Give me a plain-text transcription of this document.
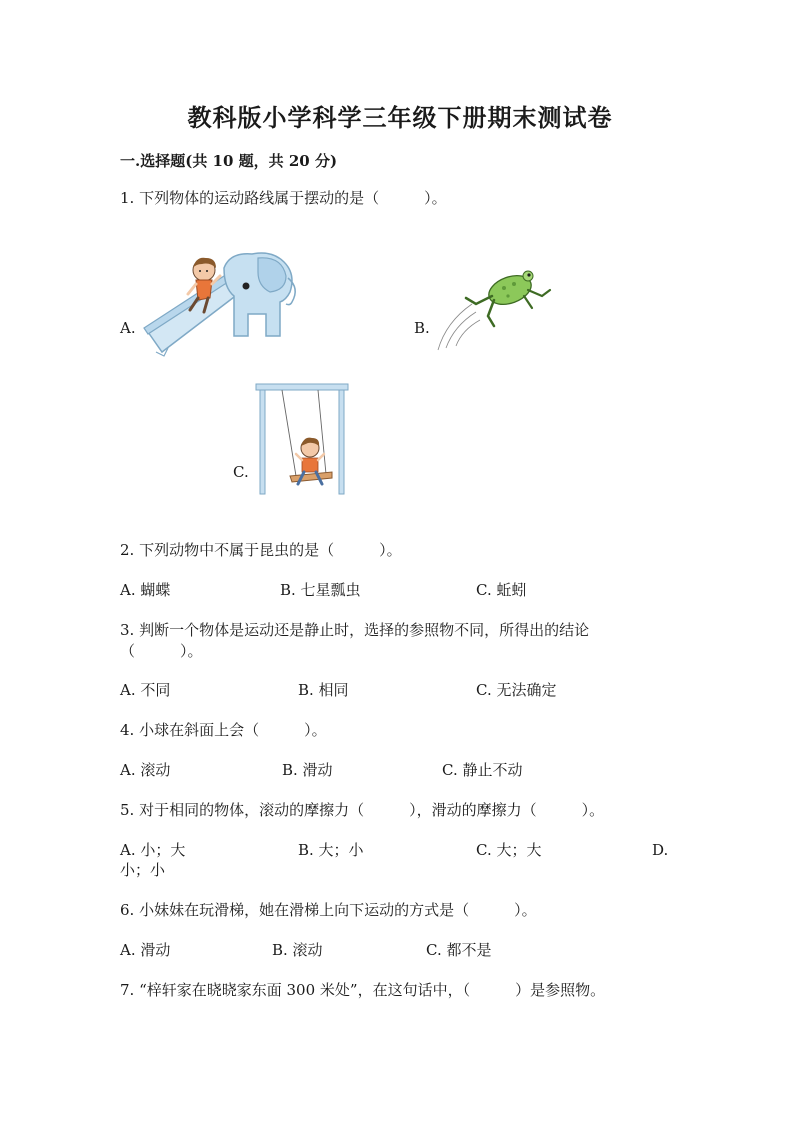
教科版小学科学三年级下册期末测试卷
一.选择题(共 10 题，共 20 分)
1. 下列物体的运动路线属于摆动的是（　　　）。
A.	B.
C.
2. 下列动物中不属于昆虫的是（　　　）。
A. 蝴蝶	B. 七星瓢虫	C. 蚯蚓
3. 判断一个物体是运动还是静止时，选择的参照物不同，所得出的结论
（　　　）。
A. 不同	B. 相同	C. 无法确定
4. 小球在斜面上会（　　　）。
A. 滚动	B. 滑动	C. 静止不动
5. 对于相同的物体，滚动的摩擦力（　　　），滑动的摩擦力（　　　）。
A. 小；大	B. 大；小	C. 大；大	D.
小；小
6. 小妹妹在玩滑梯，她在滑梯上向下运动的方式是（　　　）。
A. 滑动	B. 滚动	C. 都不是
7. “梓轩家在晓晓家东面 300 米处”，在这句话中，（　　　）是参照物。
